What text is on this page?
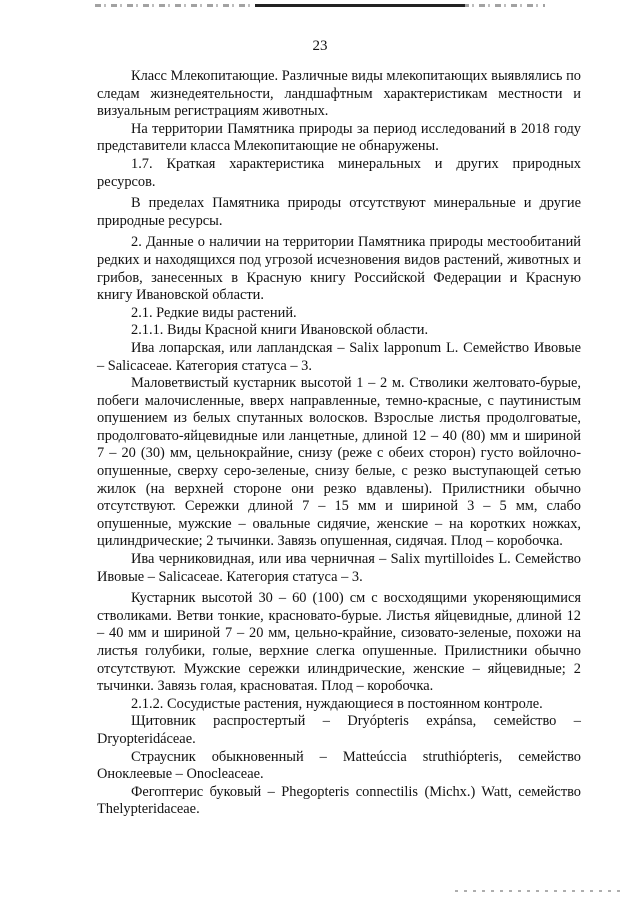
23

Класс Млекопитающие. Различные виды млекопитающих выявлялись по следам жизнедеятельности, ландшафтным характеристикам местности и визуальным регистрациям животных.

На территории Памятника природы за период исследований в 2018 году представители класса Млекопитающие не обнаружены.

1.7. Краткая характеристика минеральных и других природных ресурсов.

В пределах Памятника природы отсутствуют минеральные и другие природные ресурсы.

2. Данные о наличии на территории Памятника природы местообитаний редких и находящихся под угрозой исчезновения видов растений, животных и грибов, занесенных в Красную книгу Российской Федерации и Красную книгу Ивановской области.

2.1. Редкие виды растений.

2.1.1. Виды Красной книги Ивановской области.

Ива лопарская, или лапландская – Salix lapponum L. Семейство Ивовые – Salicaceae. Категория статуса – 3.

Маловетвистый кустарник высотой 1 – 2 м. Стволики желтовато-бурые, побеги малочисленные, вверх направленные, темно-красные, с паутинистым опушением из белых спутанных волосков. Взрослые листья продолговатые, продолговато-яйцевидные или ланцетные, длиной 12 – 40 (80) мм и шириной 7 – 20 (30) мм, цельнокрайние, снизу (реже с обеих сторон) густо войлочно-опушенные, сверху серо-зеленые, снизу белые, с резко выступающей сетью жилок (на верхней стороне они резко вдавлены). Прилистники обычно отсутствуют. Сережки длиной 7 – 15 мм и шириной 3 – 5 мм, слабо опушенные, мужские – овальные сидячие, женские – на коротких ножках, цилиндрические; 2 тычинки. Завязь опушенная, сидячая. Плод – коробочка.

Ива черниковидная, или ива черничная – Salix myrtilloides L. Семейство Ивовые – Salicaceae. Категория статуса – 3.

Кустарник высотой 30 – 60 (100) см с восходящими укореняющимися стволиками. Ветви тонкие, красновато-бурые. Листья яйцевидные, длиной 12 – 40 мм и шириной 7 – 20 мм, цельно-крайние, сизовато-зеленые, похожи на листья голубики, голые, верхние слегка опушенные. Прилистники обычно отсутствуют. Мужские сережки илиндрические, женские – яйцевидные; 2 тычинки. Завязь голая, красноватая. Плод – коробочка.

2.1.2. Сосудистые растения, нуждающиеся в постоянном контроле.

Щитовник распростертый – Dryópteris expánsa, семейство – Dryopteridáceae.

Страусник обыкновенный – Matteúccia struthiópteris, семейство Оноклеевые – Onocleaceae.

Фегоптерис буковый – Phegopteris connectilis (Michx.) Watt, семейство Thelypteridaceae.
